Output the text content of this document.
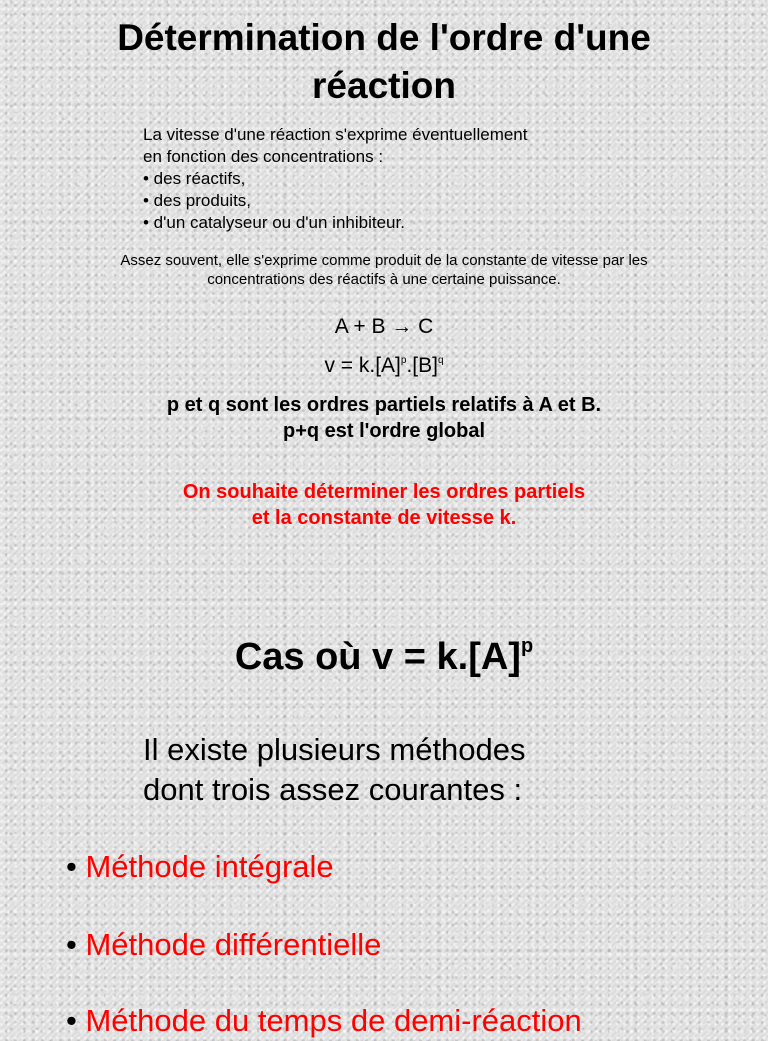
Détermination de l'ordre d'une
réaction
La vitesse d'une réaction s'exprime éventuellement
en fonction des concentrations :
• des réactifs,
• des produits,
• d'un catalyseur ou d'un inhibiteur.
Assez souvent, elle s'exprime comme produit de la constante de vitesse par les
concentrations des réactifs à une certaine puissance.
A + B → C
$v = k.[A]^p.[B]^q$
p et q sont les ordres partiels relatifs à A et B.
p+q est l'ordre global
On souhaite déterminer les ordres partiels
et la constante de vitesse k.
Cas où $v = k.[A]^p$
Il existe plusieurs méthodes
dont trois assez courantes :
• Méthode intégrale
• Méthode différentielle
• Méthode du temps de demi-réaction
